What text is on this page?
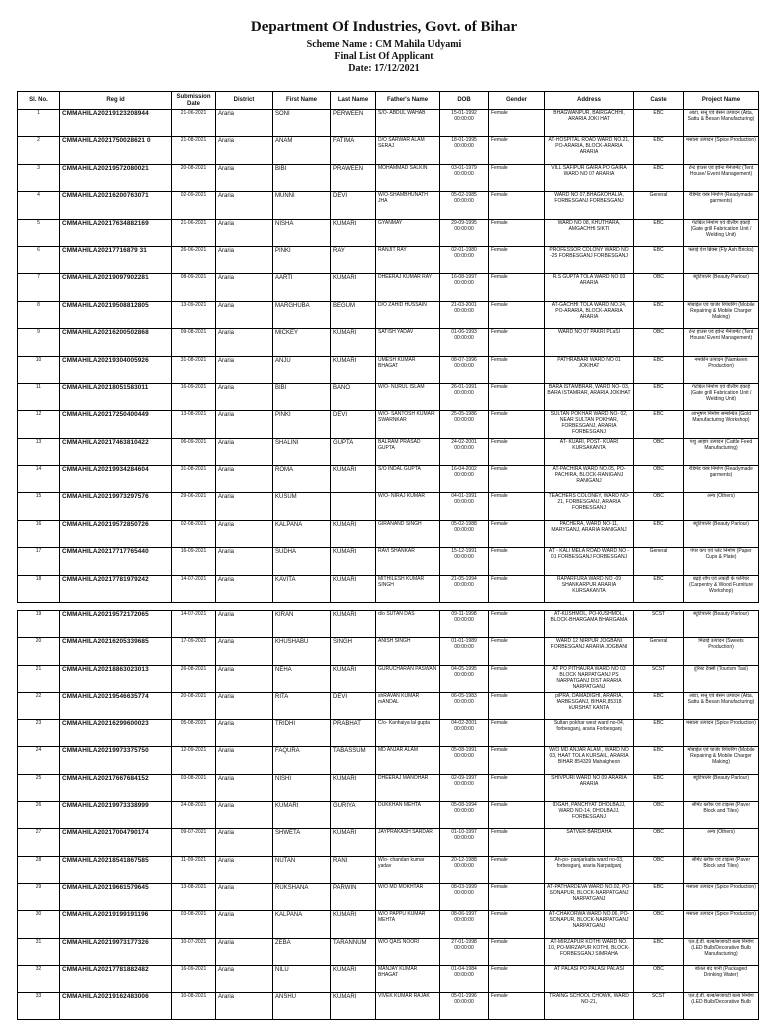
Department Of Industries, Govt. of Bihar
Scheme Name : CM Mahila Udyami
Final List Of Applicant
Date: 17/12/2021
Sl. No.	Reg id	Submission Date	District	First Name	Last Name	Father's Name	DOB	Gender	Address	Caste	Project Name
1	CMMAHILA20219123208944	21-06-2021	Araria	SONI	PERWEEN	S/O- ABDUL WAHAB	15-01-1992 00:00:00	Female	BHAGWANPUR, BAIRGACHHI, ARARIA JOKI HAT	EBC	आटा, सत्तू एवं बेसन उत्पादन (Atta, Sattu & Besan Manufacturing)
2	CMMAHILA2021750028621 0	21-08-2021	Araria	ANAM	FATIMA	D/O SARWAR ALAM SERAJ	18-01-1995 00:00:00	Female	AT-HOSPITAL ROAD WARD NO.21, PO-ARARIA, BLOCK-ARARIA ARARIA	EBC	मसाला उत्पादन (Spice Production)
3	CMMAHILA20219572080021	20-08-2021	Araria	BIBI	PRAWEEN	MOHAMMAD SALKIN	03-01-1979 00:00:00	Female	VILL SAFIPUR GAIRA PO GAIRA WARD NO 07 ARARIA	EBC	टेन्ट हाउस एवं इवेन्ट मैनेजमेंट (Tent House/ Event Management)
4	CMMAHILA20216200763071	02-09-2021	Araria	MUNNI	DEVI	W/O-SHAMBHUNATH JHA	05-02-1985 00:00:00	Female	WARD NO 07,BHAGKOHALIA, FORBESGANJ FORBESGANJ	General	रेडिमेड वस्त्र निर्माण (Readymade garments)
5	CMMAHILA20217634882169	21-06-2021	Araria	NISHA	KUMARI	GYANMAY	29-09-1995 00:00:00	Female	WARD NO 08, KHUTHARA, AMGACHHI SIKTI	EBC	गेटग्रिल निर्माण एवं वेल्डिंग इकाई (Gate grill Fabrication Unit / Welding Unit)
6	CMMAHILA20217716879 31	26-06-2021	Araria	PINKI	RAY	RANJIT RAY	02-01-1980 00:00:00	Female	PROFESSOR COLONY WARD NO -25 FORBESGANJ FORBESGANJ	EBC	फ्लाई ऐश ब्रिक्स (Fly Ash Bricks)
7	CMMAHILA20219097902281	08-09-2021	Araria	AARTI	KUMARI	DHEERAJ KUMAR RAY	16-08-1997 00:00:00	Female	R.S GUPTA TOLA WARD NO 03 ARARIA	OBC	ब्यूटिपार्लर (Beauty Parlour)
8	CMMAHILA20219508812805	13-09-2021	Araria	MARGHUBA	BEGUM	D/O ZAHID HUSSAIN	21-03-2001 00:00:00	Female	AT-GACHHI TOLA WARD NO.24, PO-ARARIA, BLOCK-ARARIA ARARIA	EBC	मोबाईल एवं चार्जर रिपेयरिंग (Mobile Repairing & Mobile Charger Making)
9	CMMAHILA20216200502868	09-08-2021	Araria	MICKEY	KUMARI	SATISH YADAV	01-06-1993 00:00:00	Female	WARD NO 07 PAKRI PLaSI	OBC	टेन्ट हाउस एवं इवेन्ट मैनेजमेंट (Tent House/ Event Management)
10	CMMAHILA20219304005926	31-08-2021	Araria	ANJU	KUMARI	UMESH KUMAR BHAGAT	08-07-1996 00:00:00	Female	PATHRABARI WARD NO 01 JOKIHAT	EBC	नमकीन उत्पादन (Namkeen Production)
11	CMMAHILA20218051583011	16-09-2021	Araria	BIBI	BANO	W/O- NURUL ISLAM	26-01-1991 00:00:00	Female	BARA ISTAMBRAR, WARD NO- 03, BARA ISTAMRAR, ARARIA JOKIHAT	EBC	गेटग्रिल निर्माण एवं वेल्डिंग इकाई (Gate grill Fabrication Unit / Welding Unit)
12	CMMAHILA20217250400449	13-08-2021	Araria	PINKI	DEVI	W/O- SANTOSH KUMAR SWARNKAR	25-05-1986 00:00:00	Female	SULTAN POKHAR WARD NO- 02, NEAR SULTAN POKHAR, FORBESGANJ, ARARIA FORBESGANJ	EBC	आभूषण निर्माण सम्बन्धित (Gold Manufacturing Workshop)
13	CMMAHILA20217463810422	06-09-2021	Araria	SHALINI	GUPTA	BALRAM PRASAD GUPTA	24-02-2001 00:00:00	Female	AT- KUARI, POST- KUARI KURSAKANTA	OBC	पशु आहार उत्पादन (Cattle Feed Manufacturing)
14	CMMAHILA20219934284604	31-08-2021	Araria	ROMA	KUMARI	S/O INDAL GUPTA	16-04-2002 00:00:00	Female	AT-PACHIRA WARD NO.05, PO-PACHIRA, BLOCK-RANIGANJ RANIGANJ	OBC	रेडिमेड वस्त्र निर्माण (Readymade garments)
15	CMMAHILA20219973297576	29-06-2021	Araria	KUSUM		W/O- NIRAJ KUMAR	04-01-1991 00:00:00	Female	TEACHERS COLONEY, WARD NO- 21, FORBESGANJ, ARARIA FORBESGANJ	OBC	अन्य (Others)
16	CMMAHILA20219572850726	02-08-2021	Araria	KALPANA	KUMARI	GIRANAND SINGH	05-02-1988 00:00:00	Female	PACHERA, WARD NO-11, MARYGANJ, ARARIA RANIGANJ	EBC	ब्यूटिपार्लर (Beauty Parlour)
17	CMMAHILA20217717765440	16-09-2021	Araria	SUDHA	KUMARI	RAVI SHANKAR	15-12-1991 00:00:00	Female	AT - KALI MELA ROAD WARD NO - 01 FORBESGANJ FORBESGANJ	General	पेपर कप एवं प्लेट निर्माण (Paper Cups & Plate)
18	CMMAHILA20217781979242	14-07-2021	Araria	KAVITA	KUMARI	MITHILESH KUMAR SINGH	21-05-1994 00:00:00	Female	RAPARFURA WARD NO -09 SHANKARPUR ARARIA KURSAKANTA	EBC	बढ़ई शॉप एवं लकड़ी के फर्निचर (Carpentry & Wood Furniture Workshop)
19	CMMAHILA20219572172065	14-07-2021	Araria	KIRAN	KUMARI	d/o SUTAN DAS	09-11-1998 00:00:00	Female	AT-KUSHMOL, PO-KUSHMOL, BLOCK-BHARGAMA BHARGAMA	SCST	ब्यूटिपार्लर (Beauty Parlour)
20	CMMAHILA20216205339685	17-09-2021	Araria	KHUSHABU	SINGH	ANISH SINGH	01-01-1989 00:00:00	Female	WARD 12 NIRPUR JOGBANI FORBESGANJ ARARIA JOGBANI	General	मिठाई उत्पादन (Sweets Production)
21	CMMAHILA20218863023013	26-08-2021	Araria	NEHA	KUMARI	GURUCHARAN PASWAN	04-05-1995 00:00:00	Female	AT PO PITHAURA WARD NO 03 BLOCK NARPATGANJ PS NARPATGANJ DIST ARARIA NARPATGANJ	SCST	टूरिस्ट टैक्सी (Tourism Taxi)
22	CMMAHILA20219546635774	20-08-2021	Araria	RITA	DEVI	shRAVAN KUMAR mANDAL	06-05-1983 00:00:00	Female	piPRA, DAMADIGHI, ARARIA, fARBESGANJ, BIHAR,85318 kURSHAT KANTA	EBC	आटा, सत्तू एवं बेसन उत्पादन (Atta, Sattu & Besan Manufacturing)
23	CMMAHILA20216299600023	05-08-2021	Araria	TRIDHI	PRABHAT	C/o- Kanhaiya lal gupta	04-02-2001 00:00:00	Female	Sultan pokhar west ward no-04, forbesganj, araria Forbesganj	EBC	मसाला उत्पादन (Spice Production)
24	CMMAHILA20219973375750	12-09-2021	Araria	FAQURA	TABASSUM	MD ANJAR ALAM	05-08-1991 00:00:00	Female	W/O MD ANJAR ALAM , WARD NO 03, HAAT TOLA KURSAIL, ARARIA BIHAR 854329 Mahalgheon	EBC	मोबाईल एवं चार्जर रिपेयरिंग (Mobile Repairing & Mobile Charger Making)
25	CMMAHILA20217667684152	03-08-2021	Araria	NISHI	KUMARI	DHEERAJ MANOHAR	02-09-1997 00:00:00	Female	SHIVPURI WARD NO 09 ARARIA ARARIA	EBC	ब्यूटिपार्लर (Beauty Parlour)
26	CMMAHILA20219973338999	24-08-2021	Araria	KUMARI	GURIYA	DUKKHAN MEHTA	05-08-1994 00:00:00	Female	IDGAH, PANCHYAT DHOLBAJJ, WARD NO-14, DHOLBAJJ, FORBESGANJ	OBC	सीमेंट ब्लॉक एवं टाइल्स (Paver Block and Tiles)
27	CMMAHILA20217004790174	09-07-2021	Araria	SHWETA	KUMARI	JAYPRAKASH SARDAR	01-10-1997 00:00:00	Female	SATVER BARDAHA	OBC	अन्य (Others)
28	CMMAHILA20218541867585	11-09-2021	Araria	NUTAN	RANI	W/o- chandan kumar yadav	20-12-1988 00:00:00	Female	Ah-po- panjarkatta ward no-03, forbesganj, araria Narpatganj	OBC	सीमेंट ब्लॉक एवं टाइल्स (Paver Block and Tiles)
29	CMMAHILA20219661579645	13-08-2021	Araria	RUKSHANA	PARWIN	W/O MD MOKHTAR	08-03-1999 00:00:00	Female	AT-PATHARDEVA WARD NO.02, PO-SONAPUR, BLOCK-NARPATGANJ NARPATGANJ	EBC	मसाला उत्पादन (Spice Production)
30	CMMAHILA20219199191196	03-08-2021	Araria	KALPANA	KUMARI	W/O PAPPU KUMAR MEHTA	08-06-1997 00:00:00	Female	AT-CHAKORWA WARD NO.06, PO-SONAPUR, BLOCK-NARPATGANJ NARPATGANJ	OBC	मसाला उत्पादन (Spice Production)
31	CMMAHILA20219973177326	10-07-2021	Araria	ZEBA	TARANNUM	W/O QAIS NOORI	27-01-1998 00:00:00	Female	AT-MIRZAPUR KOTHI WARD NO. 10, PO-MIRZAPUR KOTHI, BLOCK-FORBESGANJ SIMRAHA	EBC	एल.ई.डी. बल्ब/सजावटी बल्ब निर्माण (LED Bulb/Decorative Bulb Manufacturing)
32	CMMAHILA20217781882482	16-09-2021	Araria	NILU	KUMARI	MANJAY KUMAR BHAGAT	01-04-1984 00:00:00	Female	AT PALASI PO PALASI PALASI	OBC	बोतल बंद पानी (Packaged Drinking Water)
33	CMMAHILA20219162483006	10-08-2021	Araria	ANSHU	KUMARI	VIVEK KUMAR RAJAK	05-01-1996 00:00:00	Female	TRAING SCHOOL CHOWK, WARD NO-21,	SCST	एल.ई.डी. बल्ब/सजावटी बल्ब निर्माण (LED Bulb/Decorative Bulb
